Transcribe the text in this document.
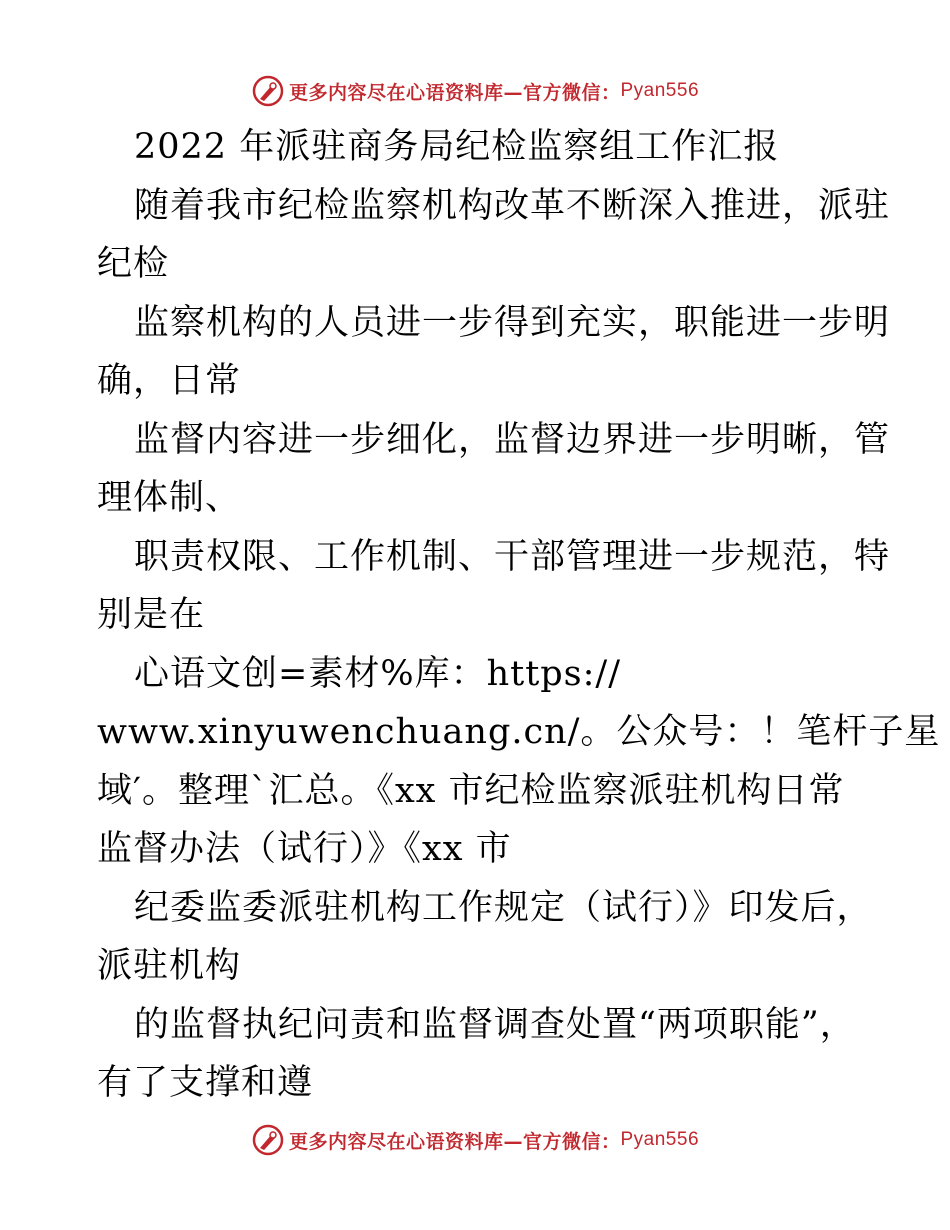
更多内容尽在心语资料库—官方微信： Pyan556
2022 年派驻商务局纪检监察组工作汇报
随着我市纪检监察机构改革不断深入推进，派驻
纪检
监察机构的人员进一步得到充实，职能进一步明
确，日常
监督内容进一步细化，监督边界进一步明晰，管
理体制、
职责权限、工作机制、干部管理进一步规范，特
别是在
心语文创=素材%库：https://
www.xinyuwenchuang.cn/。公众号：！笔杆子星
域′。整理`汇总。《xx 市纪检监察派驻机构日常
监督办法（试行）》《xx 市
纪委监委派驻机构工作规定（试行）》印发后，
派驻机构
的监督执纪问责和监督调查处置“两项职能”，
有了支撑和遵
更多内容尽在心语资料库—官方微信： Pyan556
